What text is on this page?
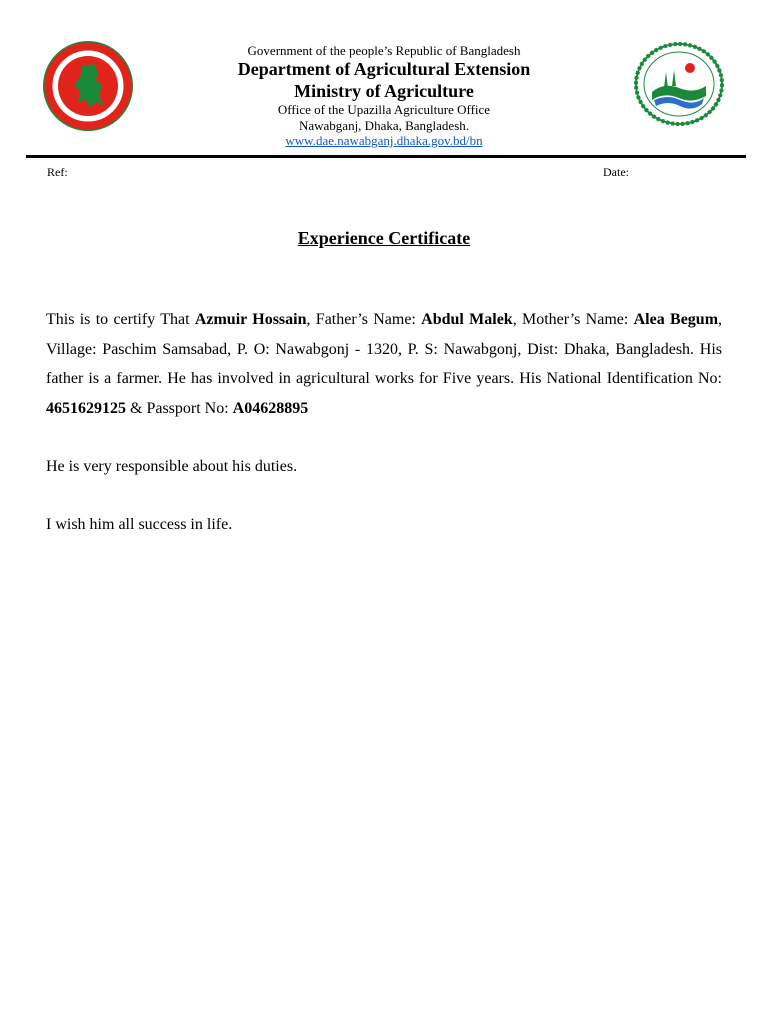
Government of the people’s Republic of Bangladesh
Department of Agricultural Extension
Ministry of Agriculture
Office of the Upazilla Agriculture Office
Nawabganj, Dhaka, Bangladesh.
www.dae.nawabganj.dhaka.gov.bd/bn
Ref:	Date:
Experience Certificate
This is to certify That Azmuir Hossain, Father’s Name: Abdul Malek, Mother’s Name: Alea Begum, Village: Paschim Samsabad, P. O: Nawabgonj - 1320, P. S: Nawabgonj, Dist: Dhaka, Bangladesh. His father is a farmer. He has involved in agricultural works for Five years. His National Identification No: 4651629125 & Passport No: A04628895
He is very responsible about his duties.
I wish him all success in life.
